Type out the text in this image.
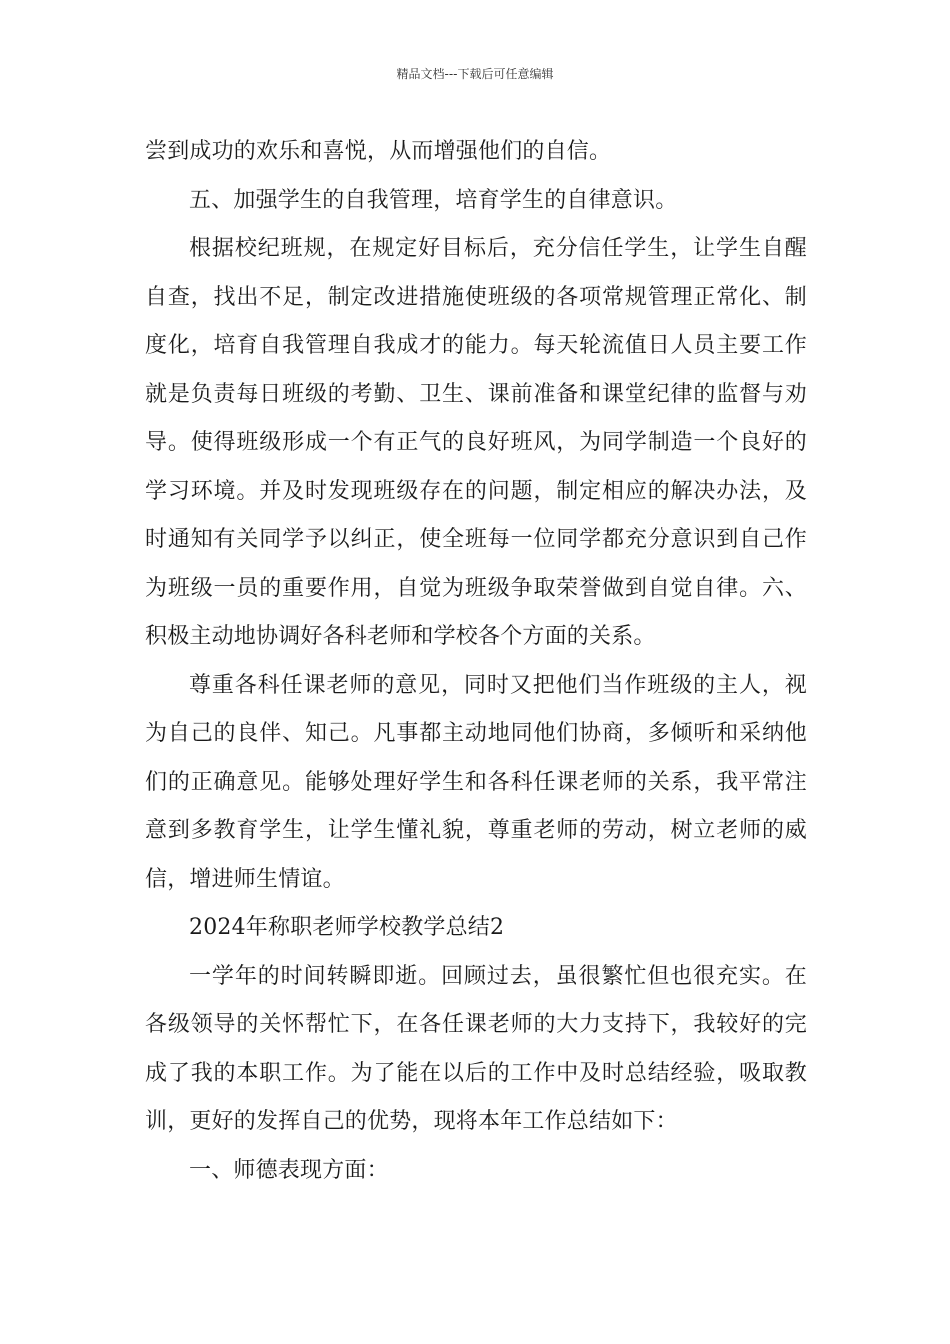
精品文档---下载后可任意编辑
尝到成功的欢乐和喜悦，从而增强他们的自信。
五、加强学生的自我管理，培育学生的自律意识。
根据校纪班规，在规定好目标后，充分信任学生，让学生自醒
自查，找出不足，制定改进措施使班级的各项常规管理正常化、制
度化，培育自我管理自我成才的能力。每天轮流值日人员主要工作
就是负责每日班级的考勤、卫生、课前准备和课堂纪律的监督与劝
导。使得班级形成一个有正气的良好班风，为同学制造一个良好的
学习环境。并及时发现班级存在的问题，制定相应的解决办法，及
时通知有关同学予以纠正，使全班每一位同学都充分意识到自己作
为班级一员的重要作用，自觉为班级争取荣誉做到自觉自律。六、
积极主动地协调好各科老师和学校各个方面的关系。
尊重各科任课老师的意见，同时又把他们当作班级的主人，视
为自己的良伴、知己。凡事都主动地同他们协商，多倾听和采纳他
们的正确意见。能够处理好学生和各科任课老师的关系，我平常注
意到多教育学生，让学生懂礼貌，尊重老师的劳动，树立老师的威
信，增进师生情谊。
2024年称职老师学校教学总结2
一学年的时间转瞬即逝。回顾过去，虽很繁忙但也很充实。在
各级领导的关怀帮忙下，在各任课老师的大力支持下，我较好的完
成了我的本职工作。为了能在以后的工作中及时总结经验，吸取教
训，更好的发挥自己的优势，现将本年工作总结如下：
一、师德表现方面：
